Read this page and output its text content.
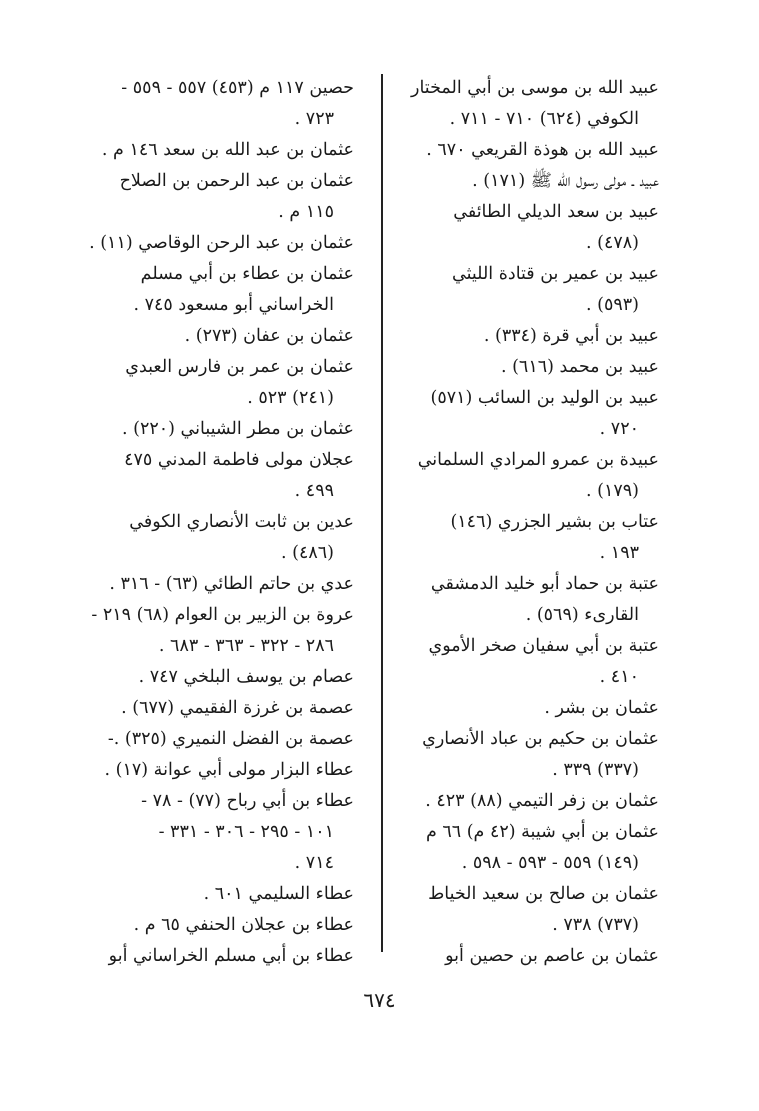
عبيد الله بن موسى بن أبي المختار
الكوفي (٦٢٤) ٧١٠ - ٧١١ .
عبيد الله بن هوذة القريعي ٦٧٠ .
عبيد ـ مولى رسول الله ﷺ (١٧١) .
عبيد بن سعد الديلي الطائفي
(٤٧٨) .
عبيد بن عمير بن قتادة الليثي
(٥٩٣) .
عبيد بن أبي قرة (٣٣٤) .
عبيد بن محمد (٦١٦) .
عبيد بن الوليد بن السائب (٥٧١)
٧٢٠ .
عبيدة بن عمرو المرادي السلماني
(١٧٩) .
عتاب بن بشير الجزري (١٤٦)
١٩٣ .
عتبة بن حماد أبو خليد الدمشقي
القارىء (٥٦٩) .
عتبة بن أبي سفيان صخر الأموي
٤١٠ .
عثمان بن بشر .
عثمان بن حكيم بن عباد الأنصاري
(٣٣٧) ٣٣٩ .
عثمان بن زفر التيمي (٨٨) ٤٢٣ .
عثمان بن أبي شيبة (٤٢ م) ٦٦ م
(١٤٩) ٥٥٩ - ٥٩٣ - ٥٩٨ .
عثمان بن صالح بن سعيد الخياط
(٧٣٧) ٧٣٨ .
عثمان بن عاصم بن حصين أبو
حصين ١١٧ م (٤٥٣) ٥٥٧ - ٥٥٩ -
٧٢٣ .
عثمان بن عبد الله بن سعد ١٤٦ م .
عثمان بن عبد الرحمن بن الصلاح
١١٥ م .
عثمان بن عبد الرحن الوقاصي (١١) .
عثمان بن عطاء بن أبي مسلم
الخراساني أبو مسعود ٧٤٥ .
عثمان بن عفان (٢٧٣) .
عثمان بن عمر بن فارس العبدي
(٢٤١) ٥٢٣ .
عثمان بن مطر الشيباني (٢٢٠) .
عجلان مولى فاطمة المدني ٤٧٥
٤٩٩ .
عدين بن ثابت الأنصاري الكوفي
(٤٨٦) .
عدي بن حاتم الطائي (٦٣) - ٣١٦ .
عروة بن الزبير بن العوام (٦٨) ٢١٩ -
٢٨٦ - ٣٢٢ - ٣٦٣ - ٦٨٣ .
عصام بن يوسف البلخي ٧٤٧ .
عصمة بن غرزة الفقيمي (٦٧٧) .
عصمة بن الفضل النميري (٣٢٥) .-
عطاء البزار مولى أبي عوانة (١٧) .
عطاء بن أبي رباح (٧٧) - ٧٨ -
١٠١ - ٢٩٥ - ٣٠٦ - ٣٣١ -
٧١٤ .
عطاء السليمي ٦٠١ .
عطاء بن عجلان الحنفي ٦٥ م .
عطاء بن أبي مسلم الخراساني أبو
٦٧٤
